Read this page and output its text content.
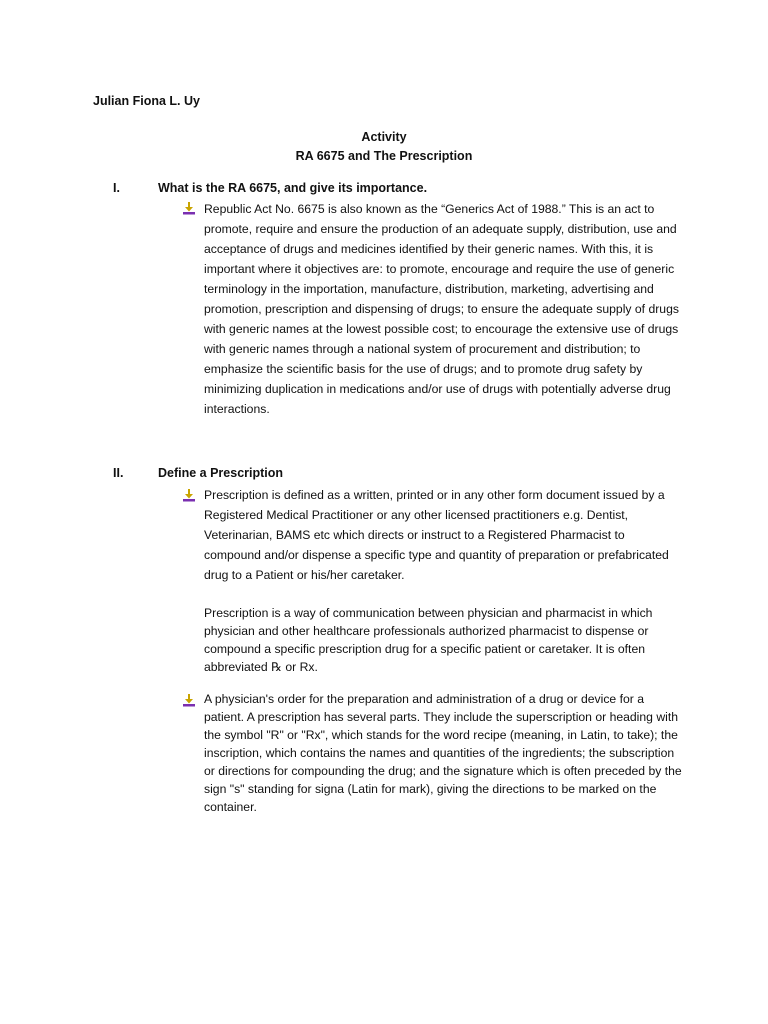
Julian Fiona L. Uy
Activity
RA 6675 and The Prescription
I.	What is the RA 6675, and give its importance.
Republic Act No. 6675 is also known as the “Generics Act of 1988.” This is an act to promote, require and ensure the production of an adequate supply, distribution, use and acceptance of drugs and medicines identified by their generic names. With this, it is important where it objectives are: to promote, encourage and require the use of generic terminology in the importation, manufacture, distribution, marketing, advertising and promotion, prescription and dispensing of drugs; to ensure the adequate supply of drugs with generic names at the lowest possible cost; to encourage the extensive use of drugs with generic names through a national system of procurement and distribution; to emphasize the scientific basis for the use of drugs; and to promote drug safety by minimizing duplication in medications and/or use of drugs with potentially adverse drug interactions.
II.	Define a Prescription
Prescription is defined as a written, printed or in any other form document issued by a Registered Medical Practitioner or any other licensed practitioners e.g. Dentist, Veterinarian, BAMS etc which directs or instruct to a Registered Pharmacist to compound and/or dispense a specific type and quantity of preparation or prefabricated drug to a Patient or his/her caretaker.
Prescription is a way of communication between physician and pharmacist in which physician and other healthcare professionals authorized pharmacist to dispense or compound a specific prescription drug for a specific patient or caretaker. It is often abbreviated ℞ or Rx.
A physician's order for the preparation and administration of a drug or device for a patient. A prescription has several parts. They include the superscription or heading with the symbol "R" or "Rx", which stands for the word recipe (meaning, in Latin, to take); the inscription, which contains the names and quantities of the ingredients; the subscription or directions for compounding the drug; and the signature which is often preceded by the sign "s" standing for signa (Latin for mark), giving the directions to be marked on the container.
